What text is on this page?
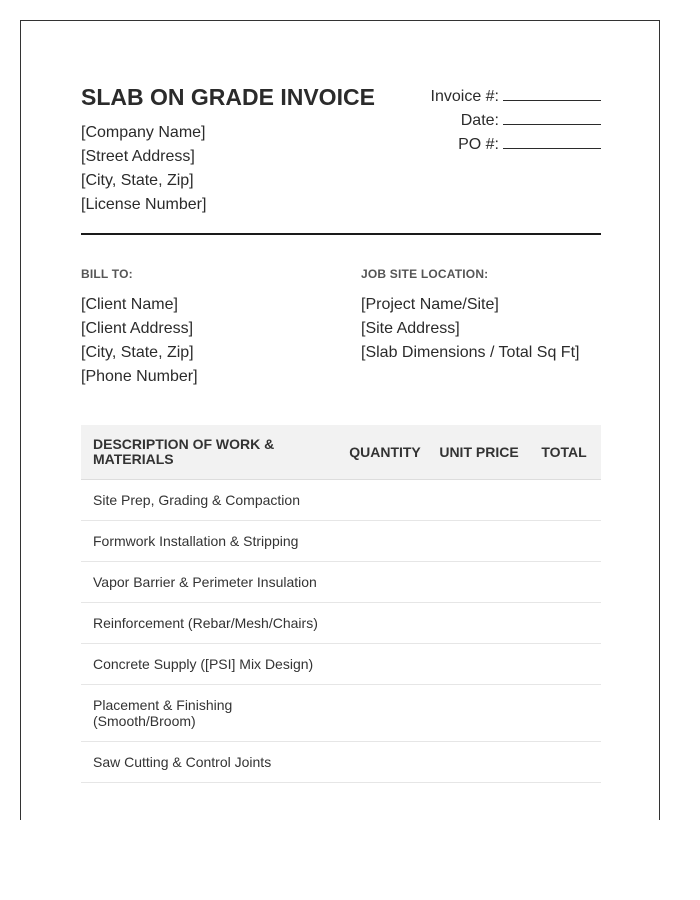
SLAB ON GRADE INVOICE
[Company Name]
[Street Address]
[City, State, Zip]
[License Number]
Invoice #:
Date:
PO #:
BILL TO:
[Client Name]
[Client Address]
[City, State, Zip]
[Phone Number]
JOB SITE LOCATION:
[Project Name/Site]
[Site Address]
[Slab Dimensions / Total Sq Ft]
DESCRIPTION OF WORK & MATERIALS	QUANTITY	UNIT PRICE	TOTAL
Site Prep, Grading & Compaction			
Formwork Installation & Stripping			
Vapor Barrier & Perimeter Insulation			
Reinforcement (Rebar/Mesh/Chairs)			
Concrete Supply ([PSI] Mix Design)			
Placement & Finishing (Smooth/Broom)			
Saw Cutting & Control Joints			
